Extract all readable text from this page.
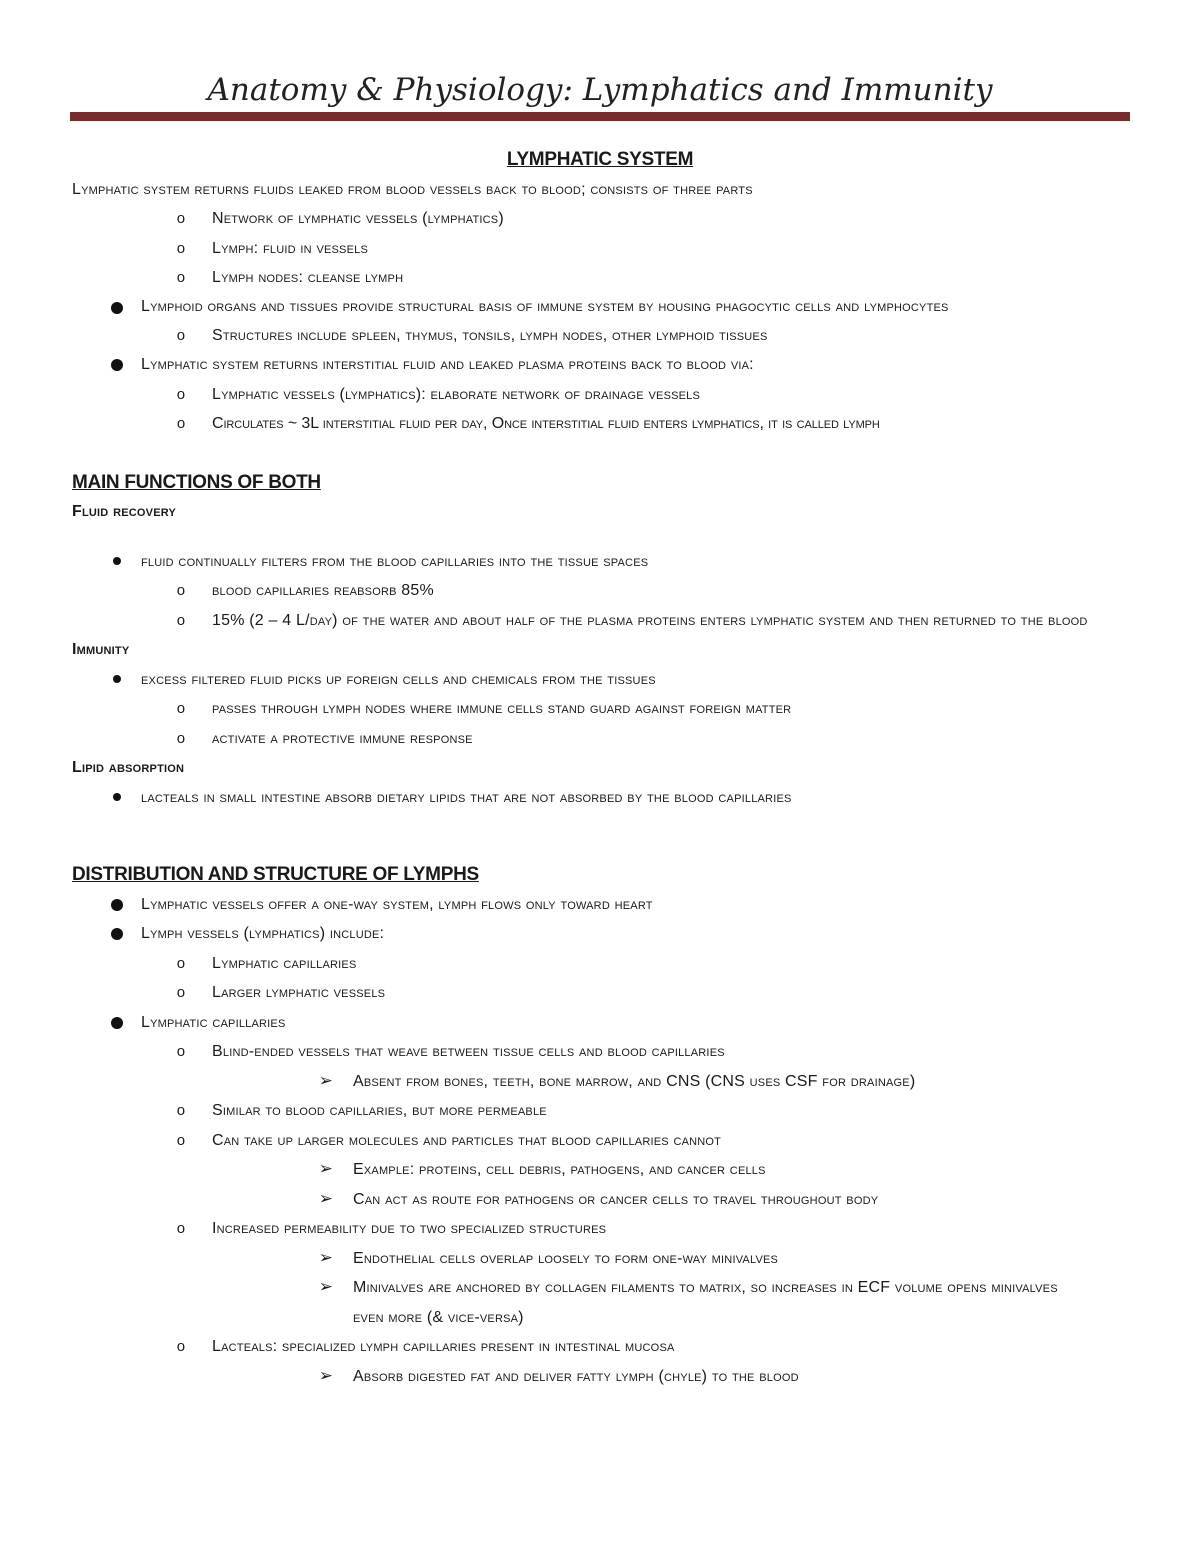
Anatomy & Physiology: Lymphatics and Immunity
LYMPHATIC SYSTEM
Lymphatic system returns fluids leaked from blood vessels back to blood; consists of three parts
o
Network of lymphatic vessels (lymphatics)
o
Lymph: fluid in vessels
o
Lymph nodes: cleanse lymph
Lymphoid organs and tissues provide structural basis of immune system by housing phagocytic cells and lymphocytes
o
Structures include spleen, thymus, tonsils, lymph nodes, other lymphoid tissues
Lymphatic system returns interstitial fluid and leaked plasma proteins back to blood via:
o
Lymphatic vessels (lymphatics): elaborate network of drainage vessels
o
Circulates ~ 3L interstitial fluid per day, Once interstitial fluid enters lymphatics, it is called lymph
MAIN FUNCTIONS OF BOTH
Fluid recovery
fluid continually filters from the blood capillaries into the tissue spaces
o
blood capillaries reabsorb 85%
o
15% (2 – 4 L/day) of the water and about half of the plasma proteins enters lymphatic system and then returned to the blood
Immunity
excess filtered fluid picks up foreign cells and chemicals from the tissues
o
passes through lymph nodes where immune cells stand guard against foreign matter
o
activate a protective immune response
Lipid absorption
lacteals in small intestine absorb dietary lipids that are not absorbed by the blood capillaries
DISTRIBUTION AND STRUCTURE OF LYMPHS
Lymphatic vessels offer a one-way system, lymph flows only toward heart
Lymph vessels (lymphatics) include:
o
Lymphatic capillaries
o
Larger lymphatic vessels
Lymphatic capillaries
o
Blind-ended vessels that weave between tissue cells and blood capillaries
➢
Absent from bones, teeth, bone marrow, and CNS (CNS uses CSF for drainage)
o
Similar to blood capillaries, but more permeable
o
Can take up larger molecules and particles that blood capillaries cannot
➢
Example: proteins, cell debris, pathogens, and cancer cells
➢
Can act as route for pathogens or cancer cells to travel throughout body
o
Increased permeability due to two specialized structures
➢
Endothelial cells overlap loosely to form one-way minivalves
➢
Minivalves are anchored by collagen filaments to matrix, so increases in ECF volume opens minivalves even more (& vice-versa)
o
Lacteals: specialized lymph capillaries present in intestinal mucosa
➢
Absorb digested fat and deliver fatty lymph (chyle) to the blood
